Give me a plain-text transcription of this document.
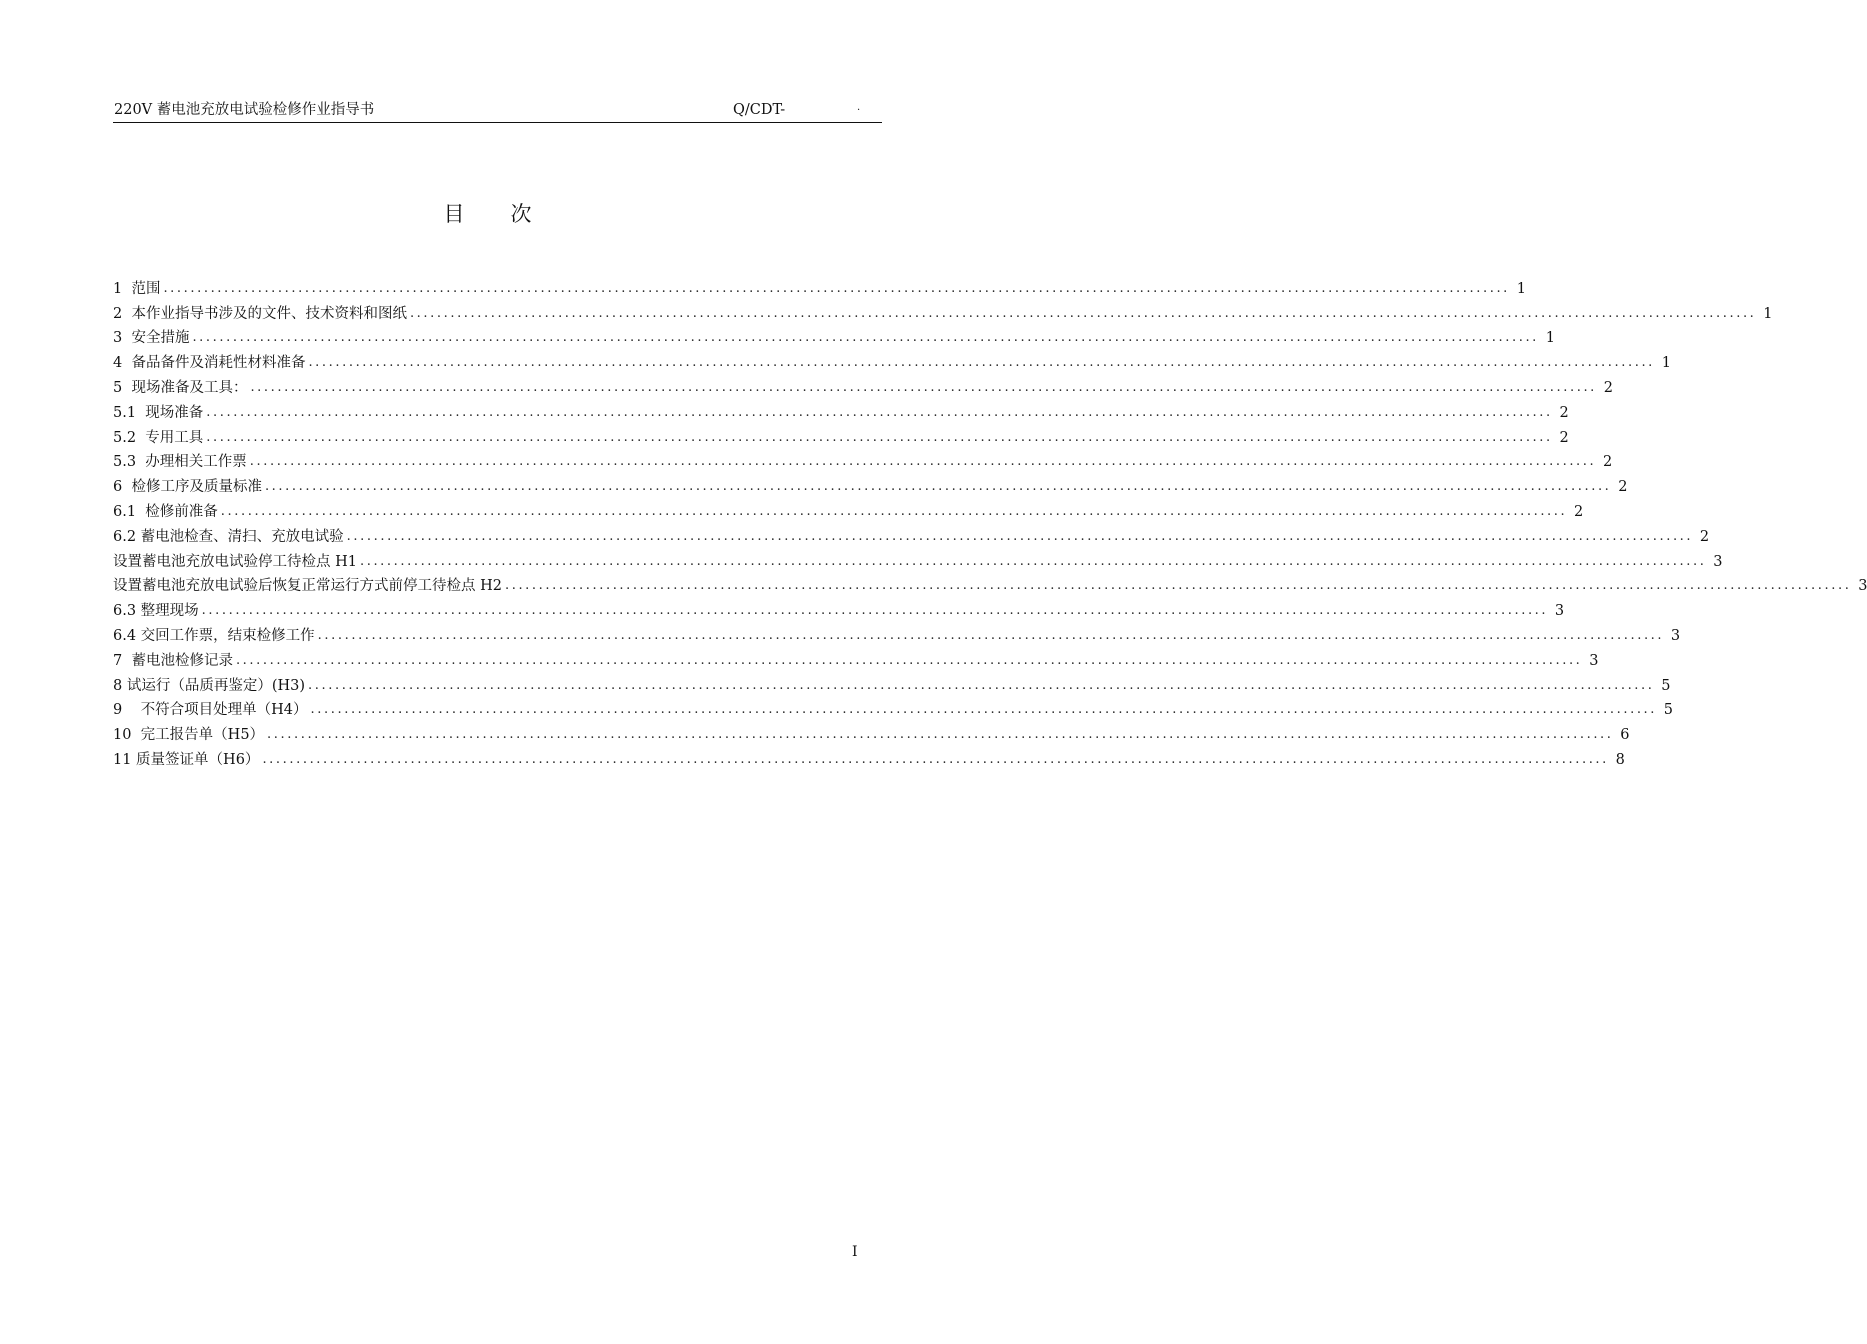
220V 蓄电池充放电试验检修作业指导书	Q/CDT-	.
目 次
1  范围 ........................................................................................................................................................................................................ 1
2  本作业指导书涉及的文件、技术资料和图纸 ........................................................................................................................................................................................................ 1
3  安全措施 ........................................................................................................................................................................................................ 1
4  备品备件及消耗性材料准备 ........................................................................................................................................................................................................ 1
5  现场准备及工具： ........................................................................................................................................................................................................ 2
5.1  现场准备 ........................................................................................................................................................................................................ 2
5.2  专用工具 ........................................................................................................................................................................................................ 2
5.3  办理相关工作票 ........................................................................................................................................................................................................ 2
6  检修工序及质量标准 ........................................................................................................................................................................................................ 2
6.1  检修前准备 ........................................................................................................................................................................................................ 2
6.2 蓄电池检查、清扫、充放电试验 ........................................................................................................................................................................................................ 2
设置蓄电池充放电试验停工待检点 H1 ........................................................................................................................................................................................................ 3
设置蓄电池充放电试验后恢复正常运行方式前停工待检点 H2 ........................................................................................................................................................................................................ 3
6.3 整理现场 ........................................................................................................................................................................................................ 3
6.4 交回工作票，结束检修工作 ........................................................................................................................................................................................................ 3
7  蓄电池检修记录 ........................................................................................................................................................................................................ 3
8 试运行（品质再鉴定）(H3) ........................................................................................................................................................................................................ 5
9    不符合项目处理单（H4） ........................................................................................................................................................................................................ 5
10  完工报告单（H5） ........................................................................................................................................................................................................ 6
11 质量签证单（H6） ........................................................................................................................................................................................................ 8
I
